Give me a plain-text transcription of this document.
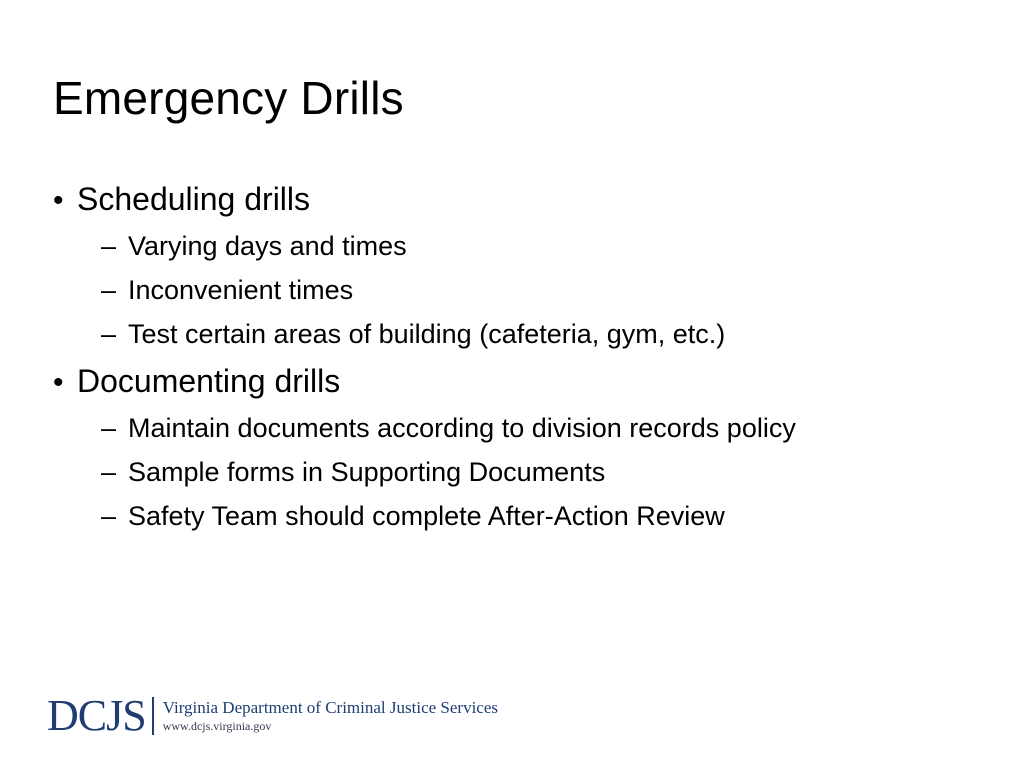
Emergency Drills
• Scheduling drills
– Varying days and times
– Inconvenient times
– Test certain areas of building (cafeteria, gym, etc.)
• Documenting drills
– Maintain documents according to division records policy
– Sample forms in Supporting Documents
– Safety Team should complete After-Action Review
DCJS Virginia Department of Criminal Justice Services
www.dcjs.virginia.gov
